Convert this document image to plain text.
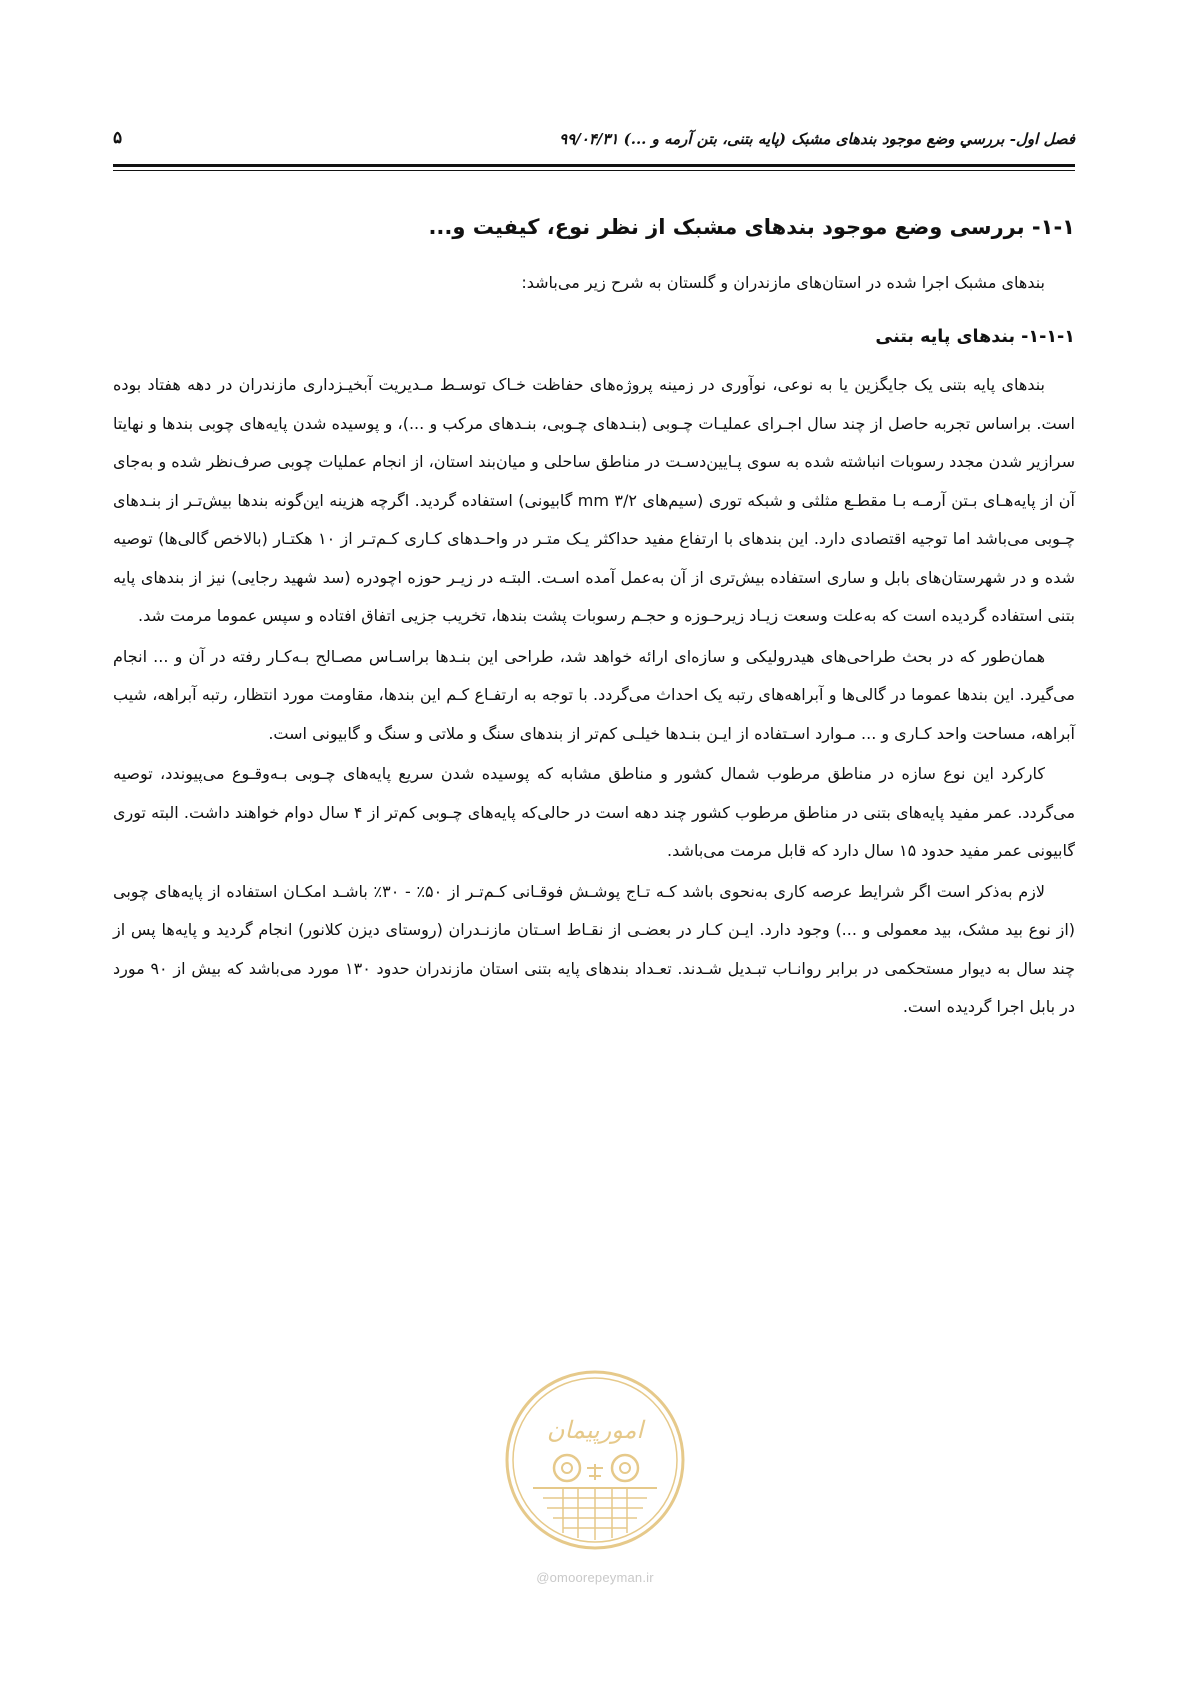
فصل اول- بررسي وضع موجود بندهای مشبک (پایه بتنی، بتن آرمه و ...) ۹۹/۰۴/۳۱
۵
۱-۱- بررسی وضع موجود بندهای مشبک از نظر نوع، کیفیت و...

بندهای مشبک اجرا شده در استان‌های مازندران و گلستان به شرح زیر می‌باشد:

۱-۱-۱- بندهای پایه بتنی

بندهای پایه بتنی یک جایگزین یا به نوعی، نوآوری در زمینه پروژه‌های حفاظت خـاک توسـط مـدیریت آبخیـزداری مازندران در دهه هفتاد بوده است. براساس تجربه حاصل از چند سال اجـرای عملیـات چـوبی (بنـدهای چـوبی، بنـدهای مرکب و ...)، و پوسیده شدن پایه‌های چوبی بندها و نهایتا سرازیر شدن مجدد رسوبات انباشته شده به سوی پـایین‌دسـت در مناطق ساحلی و میان‌بند استان، از انجام عملیات چوبی صرف‌نظر شده و به‌جای آن از پایه‌هـای بـتن آرمـه بـا مقطـع مثلثی و شبکه توری (سیم‌های mm ۳/۲ گابیونی) استفاده گردید. اگرچه هزینه این‌گونه بندها بیش‌تـر از بنـدهای چـوبی می‌باشد اما توجیه اقتصادی دارد. این بندهای با ارتفاع مفید حداکثر یـک متـر در واحـدهای کـاری کـم‌تـر از ۱۰ هکتـار (بالاخص گالی‌ها) توصیه شده و در شهرستان‌های بابل و ساری استفاده بیش‌تری از آن به‌عمل آمده اسـت. البتـه در زیـر حوزه اچودره (سد شهید رجایی) نیز از بندهای پایه بتنی استفاده گردیده است که به‌علت وسعت زیـاد زیرحـوزه و حجـم رسوبات پشت بندها، تخریب جزیی اتفاق افتاده و سپس عموما مرمت شد.

همان‌طور که در بحث طراحی‌های هیدرولیکی و سازه‌ای ارائه خواهد شد، طراحی این بنـدها براسـاس مصـالح بـه‌کـار رفته در آن و ... انجام می‌گیرد. این بندها عموما در گالی‌ها و آبراهه‌های رتبه یک احداث می‌گردد. با توجه به ارتفـاع کـم این بندها، مقاومت مورد انتظار، رتبه آبراهه، شیب آبراهه، مساحت واحد کـاری و ... مـوارد اسـتفاده از ایـن بنـدها خیلـی کم‌تر از بندهای سنگ و ملاتی و سنگ و گابیونی است.

کارکرد این نوع سازه در مناطق مرطوب شمال کشور و مناطق مشابه که پوسیده شدن سریع پایه‌های چـوبی بـه‌وقـوع می‌پیوندد، توصیه می‌گردد. عمر مفید پایه‌های بتنی در مناطق مرطوب کشور چند دهه است در حالی‌که پایه‌های چـوبی کم‌تر از ۴ سال دوام خواهند داشت. البته توری گابیونی عمر مفید حدود ۱۵ سال دارد که قابل مرمت می‌باشد.

لازم به‌ذکر است اگر شرایط عرصه کاری به‌نحوی باشد کـه تـاج پوشـش فوقـانی کـم‌تـر از ۵۰٪ - ۳۰٪ باشـد امکـان استفاده از پایه‌های چوبی (از نوع بید مشک، بید معمولی و ...) وجود دارد. ایـن کـار در بعضـی از نقـاط اسـتان مازنـدران (روستای دیزن کلانور) انجام گردید و پایه‌ها پس از چند سال به دیوار مستحکمی در برابر روانـاب تبـدیل شـدند. تعـداد بندهای پایه بتنی استان مازندران حدود ۱۳۰ مورد می‌باشد که بیش از ۹۰ مورد در بابل اجرا گردیده است.

امورپیمان
@omoorepeyman.ir
